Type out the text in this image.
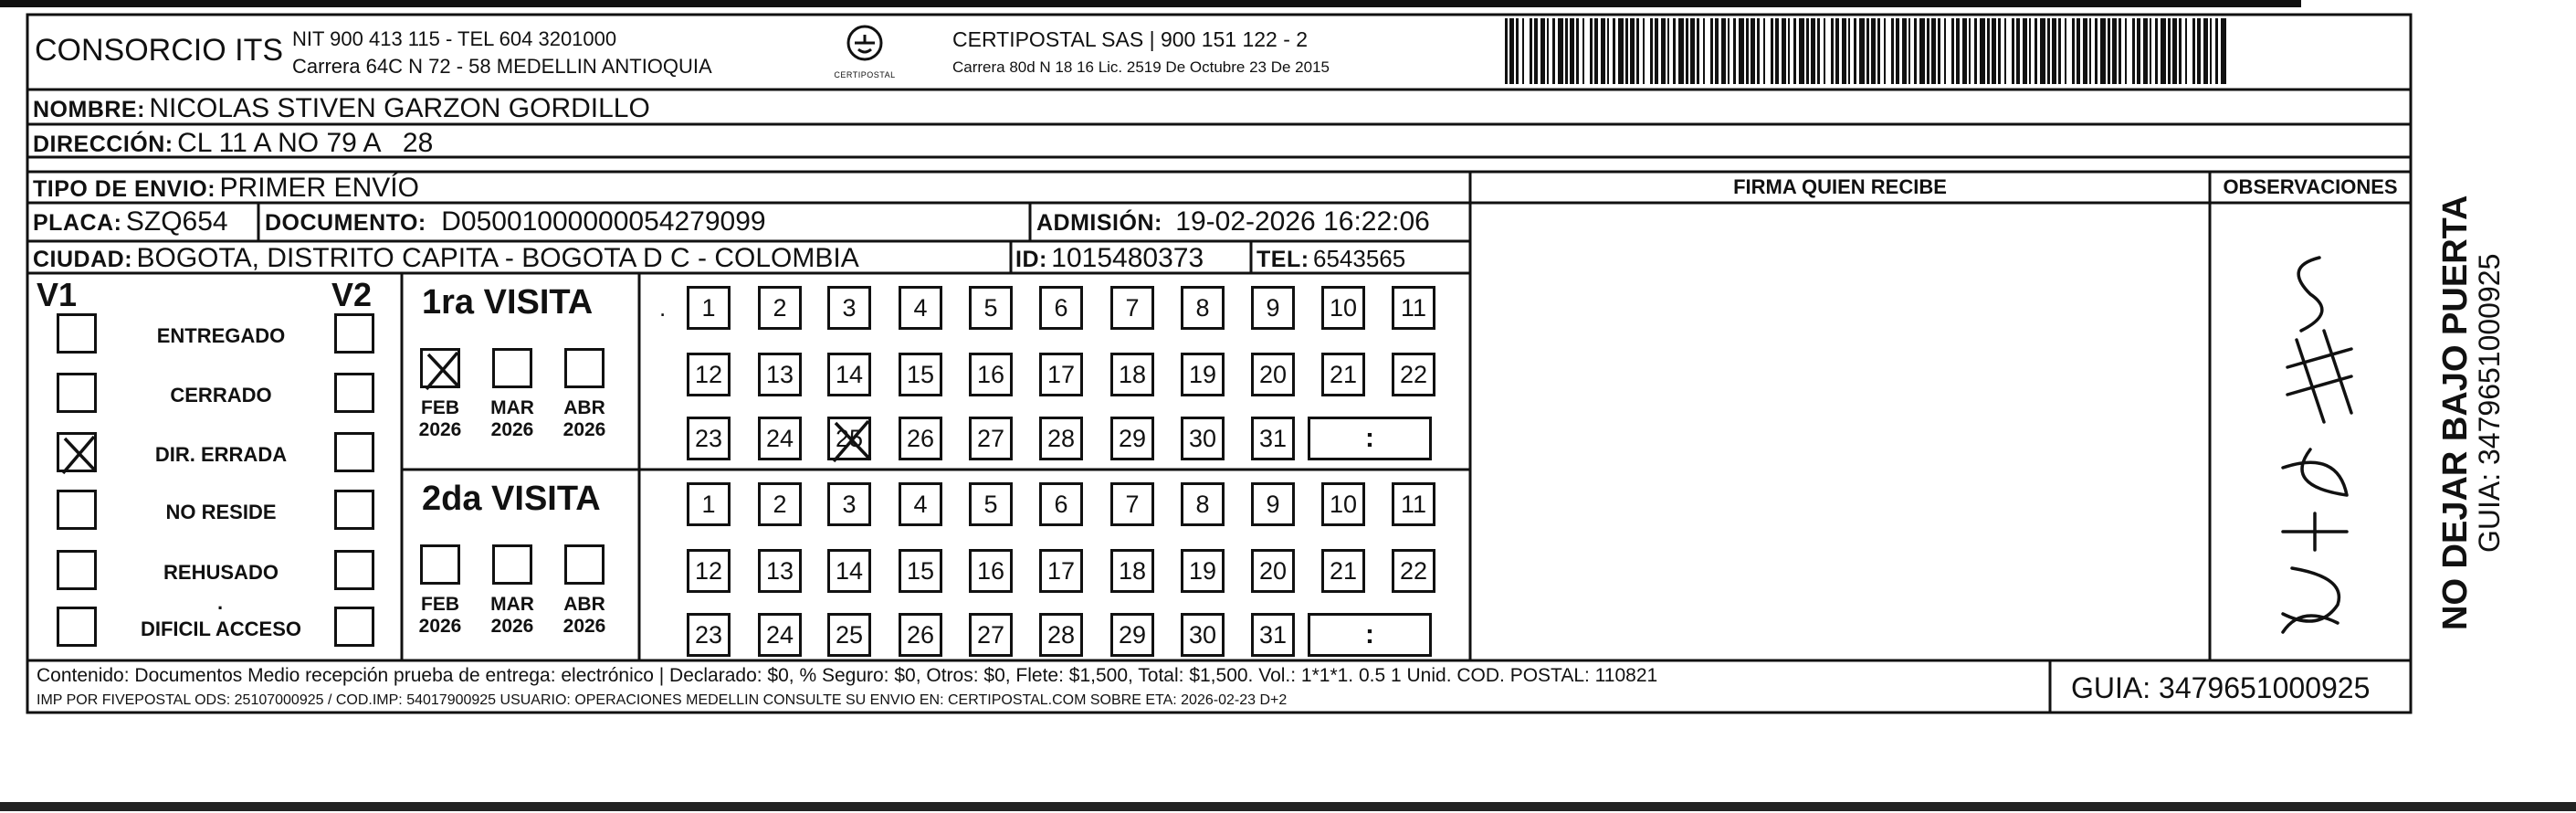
CONSORCIO ITS NIT 900 413 115 - TEL 604 3201000
Carrera 64C N 72 - 58 MEDELLIN ANTIOQUIA	CERTIPOSTAL
CERTIPOSTAL SAS | 900 151 122 - 2
Carrera 80d N 18 16 Lic. 2519 De Octubre 23 De 2015
NOMBRE: NICOLAS STIVEN GARZON GORDILLO
DIRECCIÓN: CL 11 A NO 79 A   28
TIPO DE ENVIO: PRIMER ENVÍO	FIRMA QUIEN RECIBE	OBSERVACIONES
PLACA: SZQ654 DOCUMENTO: D05001000000054279099	ADMISIÓN: 19-02-2026 16:22:06
CIUDAD: BOGOTA, DISTRITO CAPITA - BOGOTA D C - COLOMBIA	ID: 1015480373 TEL: 6543565
V1	V2
ENTREGADO
CERRADO
DIR. ERRADA
NO RESIDE
REHUSADO
DIFICIL ACCESO
·
1ra VISITA
FEB
2026
MAR
2026
ABR
2026
1 2 3 4 5 6 7 8 9 10 11
12 13 14 15 16 17 18 19 20 21 22
23 24 25 26 27 28 29 30 31	:
2da VISITA
FEB
2026
MAR
2026
ABR
2026
1 2 3 4 5 6 7 8 9 10 11
12 13 14 15 16 17 18 19 20 21 22
23 24 25 26 27 28 29 30 31	:
.
Calle # Apto
NO DEJAR BAJO PUERTA
GUIA: 3479651000925
Contenido: Documentos Medio recepción prueba de entrega: electrónico | Declarado: $0, % Seguro: $0, Otros: $0, Flete: $1,500, Total: $1,500. Vol.: 1*1*1. 0.5 1 Unid. COD. POSTAL: 110821
IMP POR FIVEPOSTAL ODS: 25107000925 / COD.IMP: 54017900925 USUARIO: OPERACIONES MEDELLIN CONSULTE SU ENVIO EN: CERTIPOSTAL.COM SOBRE ETA: 2026-02-23 D+2	GUIA: 3479651000925
